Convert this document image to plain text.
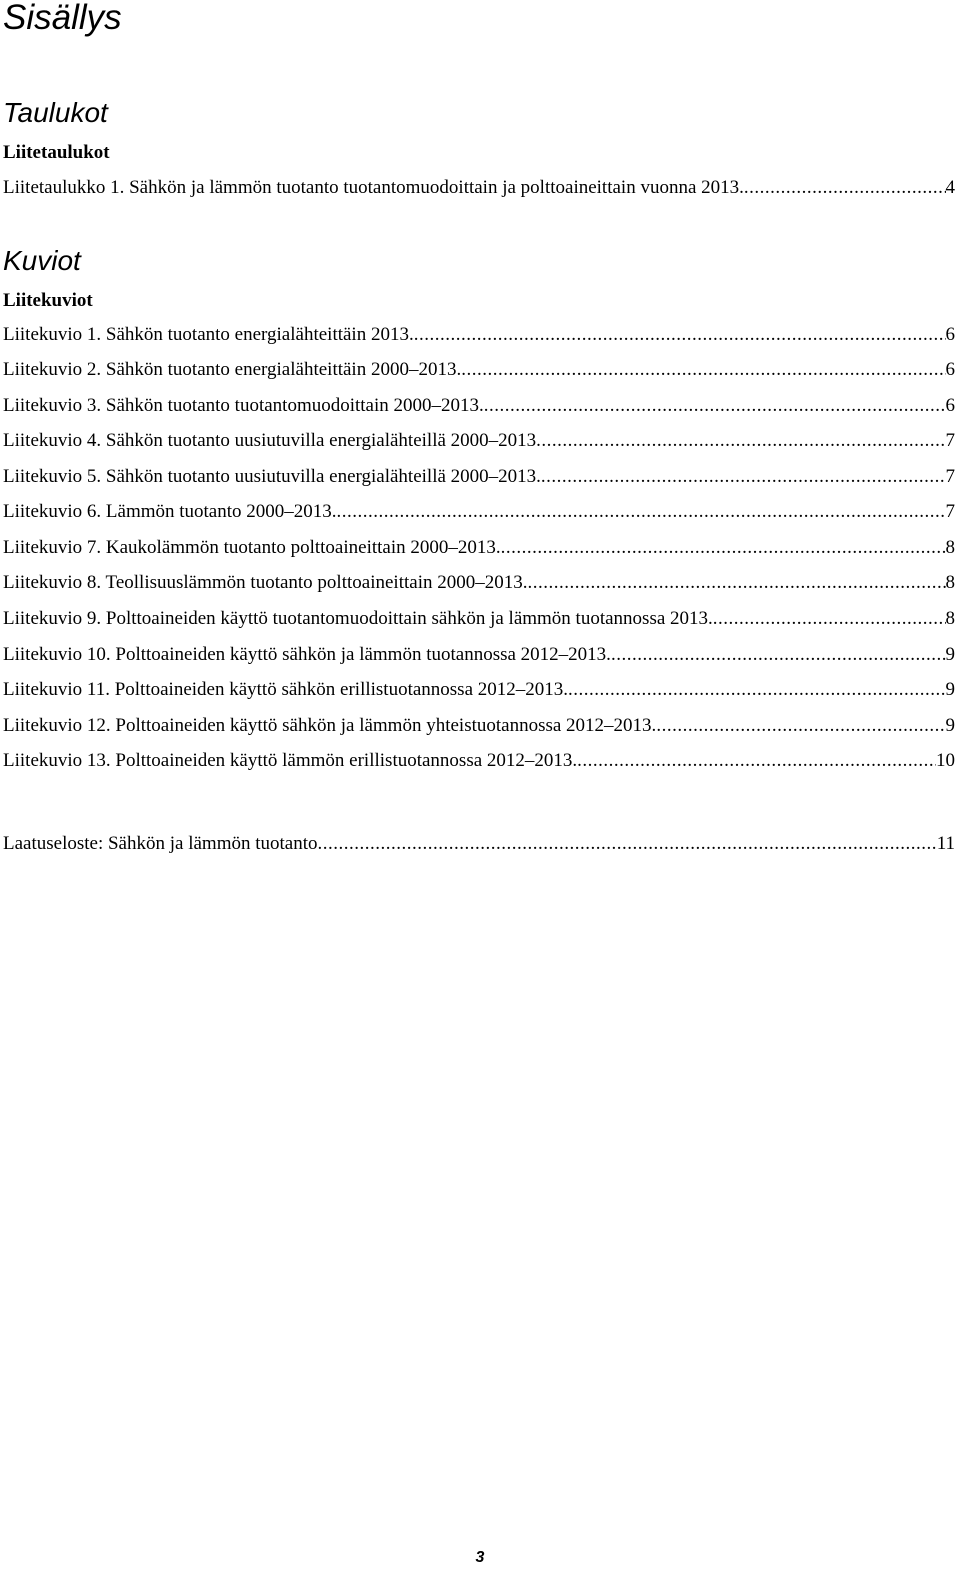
Sisällys
Taulukot
Liitetaulukot
Liitetaulukko 1. Sähkön ja lämmön tuotanto tuotantomuodoittain ja polttoaineittain vuonna 2013. .....	4
Kuviot
Liitekuviot
Liitekuvio 1. Sähkön tuotanto energialähteittäin 2013. .....	6
Liitekuvio 2. Sähkön tuotanto energialähteittäin 2000–2013. .....	6
Liitekuvio 3. Sähkön tuotanto tuotantomuodoittain 2000–2013. .....	6
Liitekuvio 4. Sähkön tuotanto uusiutuvilla energialähteillä 2000–2013 .....	7
Liitekuvio 5. Sähkön tuotanto uusiutuvilla energialähteillä 2000–2013. .....	7
Liitekuvio 6. Lämmön tuotanto 2000–2013. .....	7
Liitekuvio 7. Kaukolämmön tuotanto polttoaineittain 2000–2013. .....	8
Liitekuvio 8. Teollisuuslämmön tuotanto polttoaineittain 2000–2013. .....	8
Liitekuvio 9. Polttoaineiden käyttö tuotantomuodoittain sähkön ja lämmön tuotannossa 2013. .....	8
Liitekuvio 10. Polttoaineiden käyttö sähkön ja lämmön tuotannossa 2012–2013. .....	9
Liitekuvio 11. Polttoaineiden käyttö sähkön erillistuotannossa 2012–2013. .....	9
Liitekuvio 12. Polttoaineiden käyttö sähkön ja lämmön yhteistuotannossa 2012–2013. .....	9
Liitekuvio 13. Polttoaineiden käyttö lämmön erillistuotannossa 2012–2013. .....	10
Laatuseloste: Sähkön ja lämmön tuotanto .....	11
3
